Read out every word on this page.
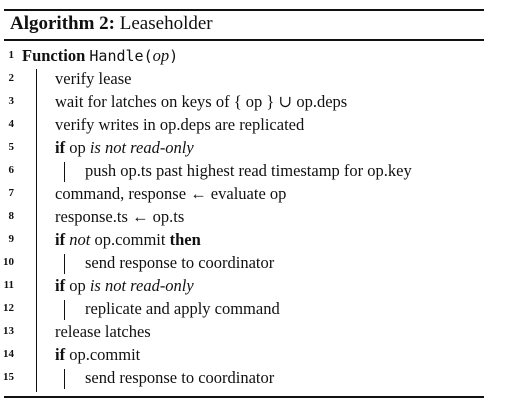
Algorithm 2: Leaseholder
1 Function Handle(op)
2 verify lease
3 wait for latches on keys of { op } ∪ op.deps
4 verify writes in op.deps are replicated
5 if op is not read-only
6	push op.ts past highest read timestamp for op.key
7 command, response ← evaluate op
8 response.ts ← op.ts
9 if not op.commit then
10	send response to coordinator
11 if op is not read-only
12	replicate and apply command
13 release latches
14 if op.commit
15	send response to coordinator
